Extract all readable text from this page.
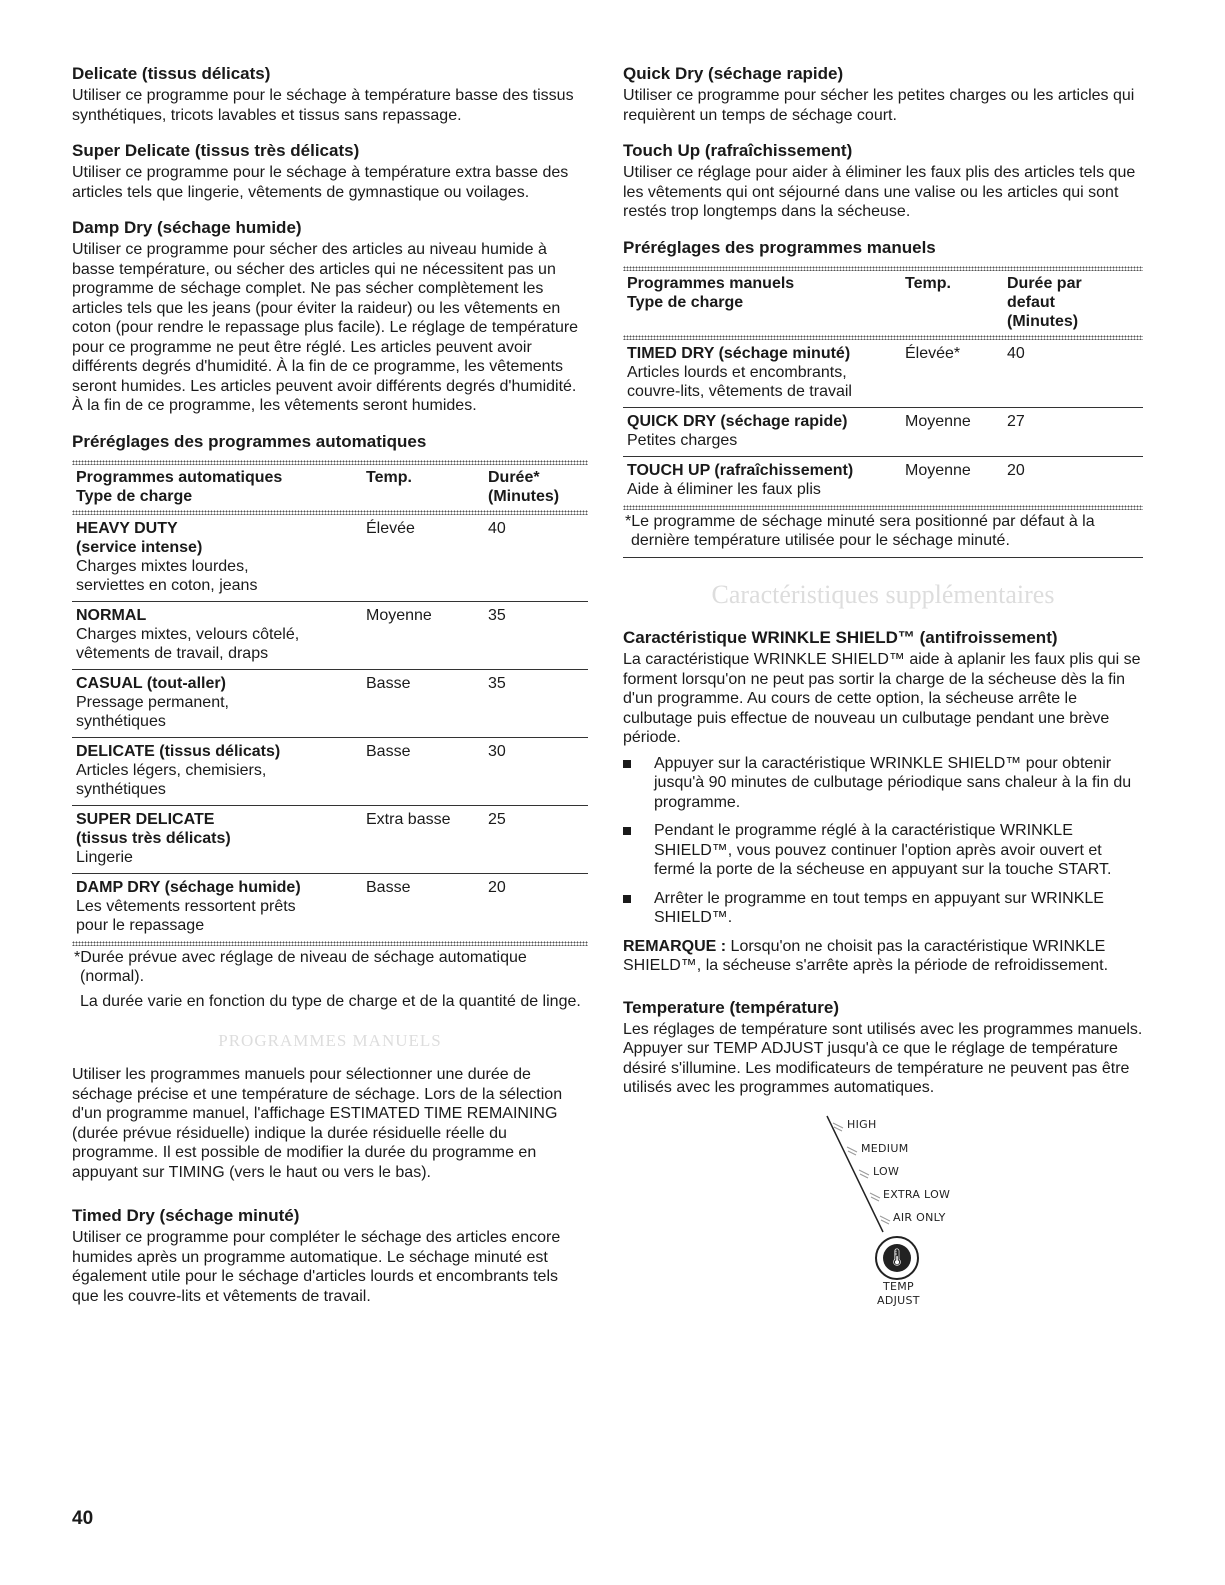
Delicate (tissus délicats)

Utiliser ce programme pour le séchage à température basse des tissus synthétiques, tricots lavables et tissus sans repassage.

Super Delicate (tissus très délicats)

Utiliser ce programme pour le séchage à température extra basse des articles tels que lingerie, vêtements de gymnastique ou voilages.

Damp Dry (séchage humide)

Utiliser ce programme pour sécher des articles au niveau humide à basse température, ou sécher des articles qui ne nécessitent pas un programme de séchage complet. Ne pas sécher complètement les articles tels que les jeans (pour éviter la raideur) ou les vêtements en coton (pour rendre le repassage plus facile). Le réglage de température pour ce programme ne peut être réglé. Les articles peuvent avoir différents degrés d'humidité. À la fin de ce programme, les vêtements seront humides. Les articles peuvent avoir différents degrés d'humidité. À la fin de ce programme, les vêtements seront humides.

Préréglages des programmes automatiques
Programmes automatiques
Type de charge
Temp.	Durée*
(Minutes)
HEAVY DUTY
(service intense)
Charges mixtes lourdes,
serviettes en coton, jeans
Élevée	40
NORMAL
Charges mixtes, velours côtelé,
vêtements de travail, draps
Moyenne	35
CASUAL (tout-aller)
Pressage permanent,
synthétiques
Basse	35
DELICATE (tissus délicats)
Articles légers, chemisiers,
synthétiques
Basse	30
SUPER DELICATE
(tissus très délicats)
Lingerie
Extra basse	25
DAMP DRY (séchage humide)
Les vêtements ressortent prêts
pour le repassage
Basse	20

*Durée prévue avec réglage de niveau de séchage automatique (normal).

La durée varie en fonction du type de charge et de la quantité de linge.

PROGRAMMES MANUELS

Utiliser les programmes manuels pour sélectionner une durée de séchage précise et une température de séchage. Lors de la sélection d'un programme manuel, l'affichage ESTIMATED TIME REMAINING (durée prévue résiduelle) indique la durée résiduelle réelle du programme. Il est possible de modifier la durée du programme en appuyant sur TIMING (vers le haut ou vers le bas).

Timed Dry (séchage minuté)

Utiliser ce programme pour compléter le séchage des articles encore humides après un programme automatique. Le séchage minuté est également utile pour le séchage d'articles lourds et encombrants tels que les couvre-lits et vêtements de travail.

Quick Dry (séchage rapide)

Utiliser ce programme pour sécher les petites charges ou les articles qui requièrent un temps de séchage court.

Touch Up (rafraîchissement)

Utiliser ce réglage pour aider à éliminer les faux plis des articles tels que les vêtements qui ont séjourné dans une valise ou les articles qui sont restés trop longtemps dans la sécheuse.

Préréglages des programmes manuels
Programmes manuels
Type de charge
Temp.	Durée par
defaut
(Minutes)
TIMED DRY (séchage minuté)
Articles lourds et encombrants,
couvre-lits, vêtements de travail
Élevée*	40
QUICK DRY (séchage rapide)
Petites charges
Moyenne	27
TOUCH UP (rafraîchissement)
Aide à éliminer les faux plis
Moyenne	20

*Le programme de séchage minuté sera positionné par défaut à la dernière température utilisée pour le séchage minuté.

Caractéristiques supplémentaires
Caractéristique WRINKLE SHIELD™ (antifroissement)

La caractéristique WRINKLE SHIELD™ aide à aplanir les faux plis qui se forment lorsqu'on ne peut pas sortir la charge de la sécheuse dès la fin d'un programme. Au cours de cette option, la sécheuse arrête le culbutage puis effectue de nouveau un culbutage pendant une brève période.

Appuyer sur la caractéristique WRINKLE SHIELD™ pour obtenir jusqu'à 90 minutes de culbutage périodique sans chaleur à la fin du programme.
Pendant le programme réglé à la caractéristique WRINKLE SHIELD™, vous pouvez continuer l'option après avoir ouvert et fermé la porte de la sécheuse en appuyant sur la touche START.
Arrêter le programme en tout temps en appuyant sur WRINKLE SHIELD™.

REMARQUE : Lorsqu'on ne choisit pas la caractéristique WRINKLE SHIELD™, la sécheuse s'arrête après la période de refroidissement.

Temperature (température)

Les réglages de température sont utilisés avec les programmes manuels. Appuyer sur TEMP ADJUST jusqu'à ce que le réglage de température désiré s'illumine. Les modificateurs de température ne peuvent pas être utilisés avec les programmes automatiques.

HIGH
MEDIUM
LOW
EXTRA LOW
AIR ONLY
🌡
TEMP
ADJUST
40
